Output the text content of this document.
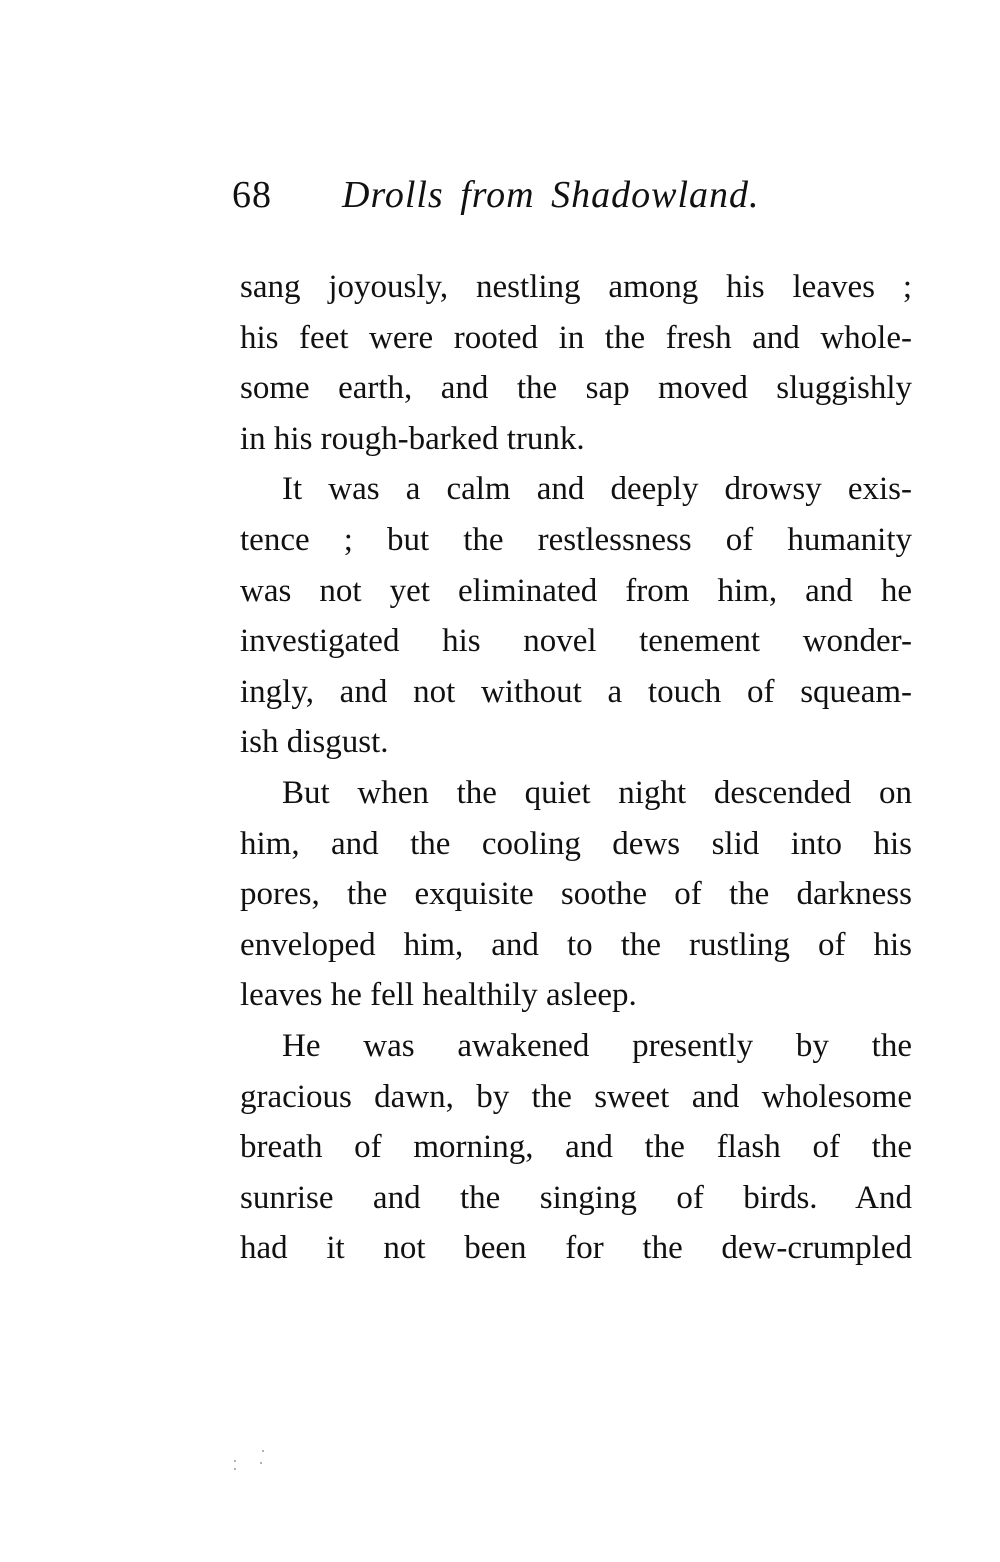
68 Drolls from Shadowland.
sang joyously, nestling among his leaves ;
his feet were rooted in the fresh and whole-
some earth, and the sap moved sluggishly
in his rough-barked trunk.
It was a calm and deeply drowsy exis-
tence ; but the restlessness of humanity
was not yet eliminated from him, and he
investigated his novel tenement wonder-
ingly, and not without a touch of squeam-
ish disgust.
But when the quiet night descended on
him, and the cooling dews slid into his
pores, the exquisite soothe of the darkness
enveloped him, and to the rustling of his
leaves he fell healthily asleep.
He was awakened presently by the
gracious dawn, by the sweet and wholesome
breath of morning, and the flash of the
sunrise and the singing of birds. And
had it not been for the dew-crumpled
